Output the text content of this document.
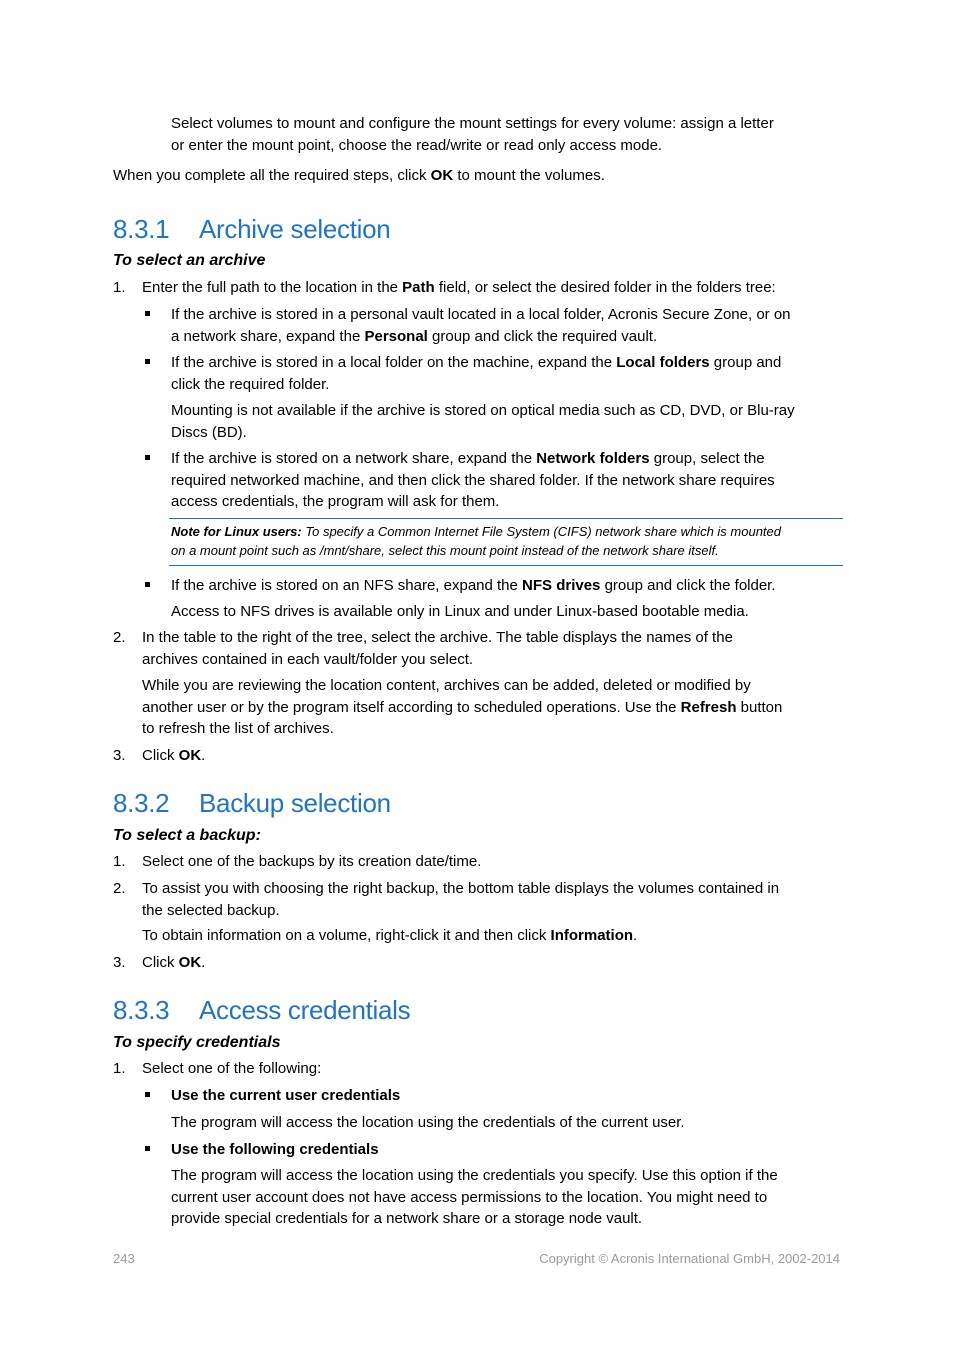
Select volumes to mount and configure the mount settings for every volume: assign a letter
or enter the mount point, choose the read/write or read only access mode.

When you complete all the required steps, click OK to mount the volumes.

8.3.1 Archive selection

To select an archive

1. Enter the full path to the location in the Path field, or select the desired folder in the folders tree:

If the archive is stored in a personal vault located in a local folder, Acronis Secure Zone, or on
a network share, expand the Personal group and click the required vault.

If the archive is stored in a local folder on the machine, expand the Local folders group and
click the required folder.

Mounting is not available if the archive is stored on optical media such as CD, DVD, or Blu-ray
Discs (BD).

If the archive is stored on a network share, expand the Network folders group, select the
required networked machine, and then click the shared folder. If the network share requires
access credentials, the program will ask for them.

Note for Linux users: To specify a Common Internet File System (CIFS) network share which is mounted
on a mount point such as /mnt/share, select this mount point instead of the network share itself.

If the archive is stored on an NFS share, expand the NFS drives group and click the folder.

Access to NFS drives is available only in Linux and under Linux-based bootable media.

2. In the table to the right of the tree, select the archive. The table displays the names of the
archives contained in each vault/folder you select.

While you are reviewing the location content, archives can be added, deleted or modified by
another user or by the program itself according to scheduled operations. Use the Refresh button
to refresh the list of archives.

3. Click OK.

8.3.2 Backup selection

To select a backup:

1. Select one of the backups by its creation date/time.

2. To assist you with choosing the right backup, the bottom table displays the volumes contained in
the selected backup.

To obtain information on a volume, right-click it and then click Information.

3. Click OK.

8.3.3 Access credentials

To specify credentials

1. Select one of the following:

Use the current user credentials

The program will access the location using the credentials of the current user.

Use the following credentials

The program will access the location using the credentials you specify. Use this option if the
current user account does not have access permissions to the location. You might need to
provide special credentials for a network share or a storage node vault.

243	Copyright © Acronis International GmbH, 2002-2014
